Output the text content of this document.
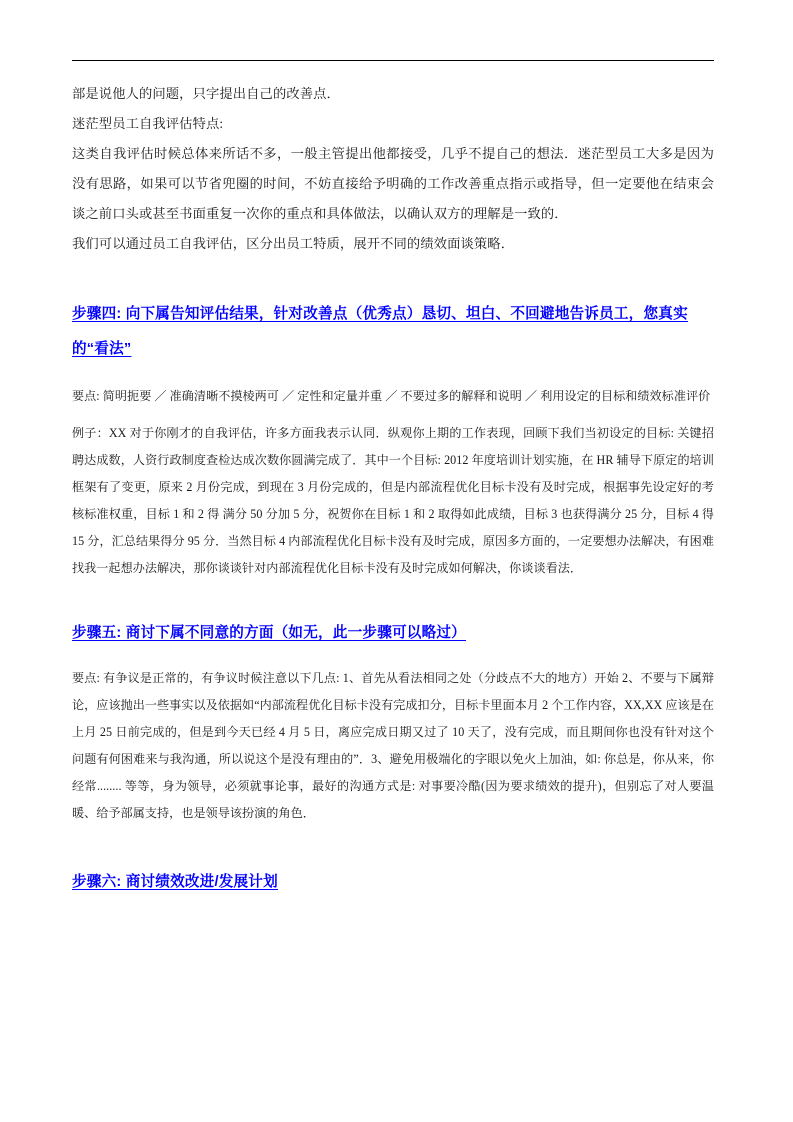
部是说他人的问题，只字提出自己的改善点．

迷茫型员工自我评估特点:

这类自我评估时候总体来所话不多，一般主管提出他都接受，几乎不提自己的想法．迷茫型员工大多是因为没有思路，如果可以节省兜圈的时间，不妨直接给予明确的工作改善重点指示或指导，但一定要他在结束会谈之前口头或甚至书面重复一次你的重点和具体做法，以确认双方的理解是一致的．

我们可以通过员工自我评估，区分出员工特质，展开不同的绩效面谈策略．

步骤四: 向下属告知评估结果，针对改善点（优秀点）恳切、坦白、不回避地告诉员工，您真实的“看法”

要点: 简明扼要 ／ 准确清晰不摸棱两可 ／ 定性和定量并重 ／ 不要过多的解释和说明 ／ 利用设定的目标和绩效标准评价

例子：XX 对于你刚才的自我评估，许多方面我表示认同．纵观你上期的工作表现，回顾下我们当初设定的目标: 关键招聘达成数，人资行政制度查检达成次数你圆满完成了．其中一个目标: 2012 年度培训计划实施，在 HR 辅导下原定的培训框架有了变更，原来 2 月份完成，到现在 3 月份完成的，但是内部流程优化目标卡没有及时完成，根据事先设定好的考核标准权重，目标 1 和 2 得 满分 50 分加 5 分，祝贺你在目标 1 和 2 取得如此成绩，目标 3 也获得满分 25 分，目标 4 得 15 分，汇总结果得分 95 分．当然目标 4 内部流程优化目标卡没有及时完成，原因多方面的，一定要想办法解决，有困难找我一起想办法解决，那你谈谈针对内部流程优化目标卡没有及时完成如何解决，你谈谈看法．

步骤五: 商讨下属不同意的方面（如无，此一步骤可以略过）

要点: 有争议是正常的，有争议时候注意以下几点: 1、首先从看法相同之处（分歧点不大的地方）开始 2、不要与下属辩论，应该抛出一些事实以及依据如“内部流程优化目标卡没有完成扣分，目标卡里面本月 2 个工作内容，XX,XX 应该是在上月 25 日前完成的，但是到今天已经 4 月 5 日，离应完成日期又过了 10 天了，没有完成，而且期间你也没有针对这个问题有何困难来与我沟通，所以说这个是没有理由的”．3、避免用极端化的字眼以免火上加油，如: 你总是，你从来，你经常........ 等等，身为领导，必须就事论事，最好的沟通方式是: 对事要冷酷(因为要求绩效的提升)，但别忘了对人要温暖、给予部属支持，也是领导该扮演的角色．

步骤六: 商讨绩效改进/发展计划
